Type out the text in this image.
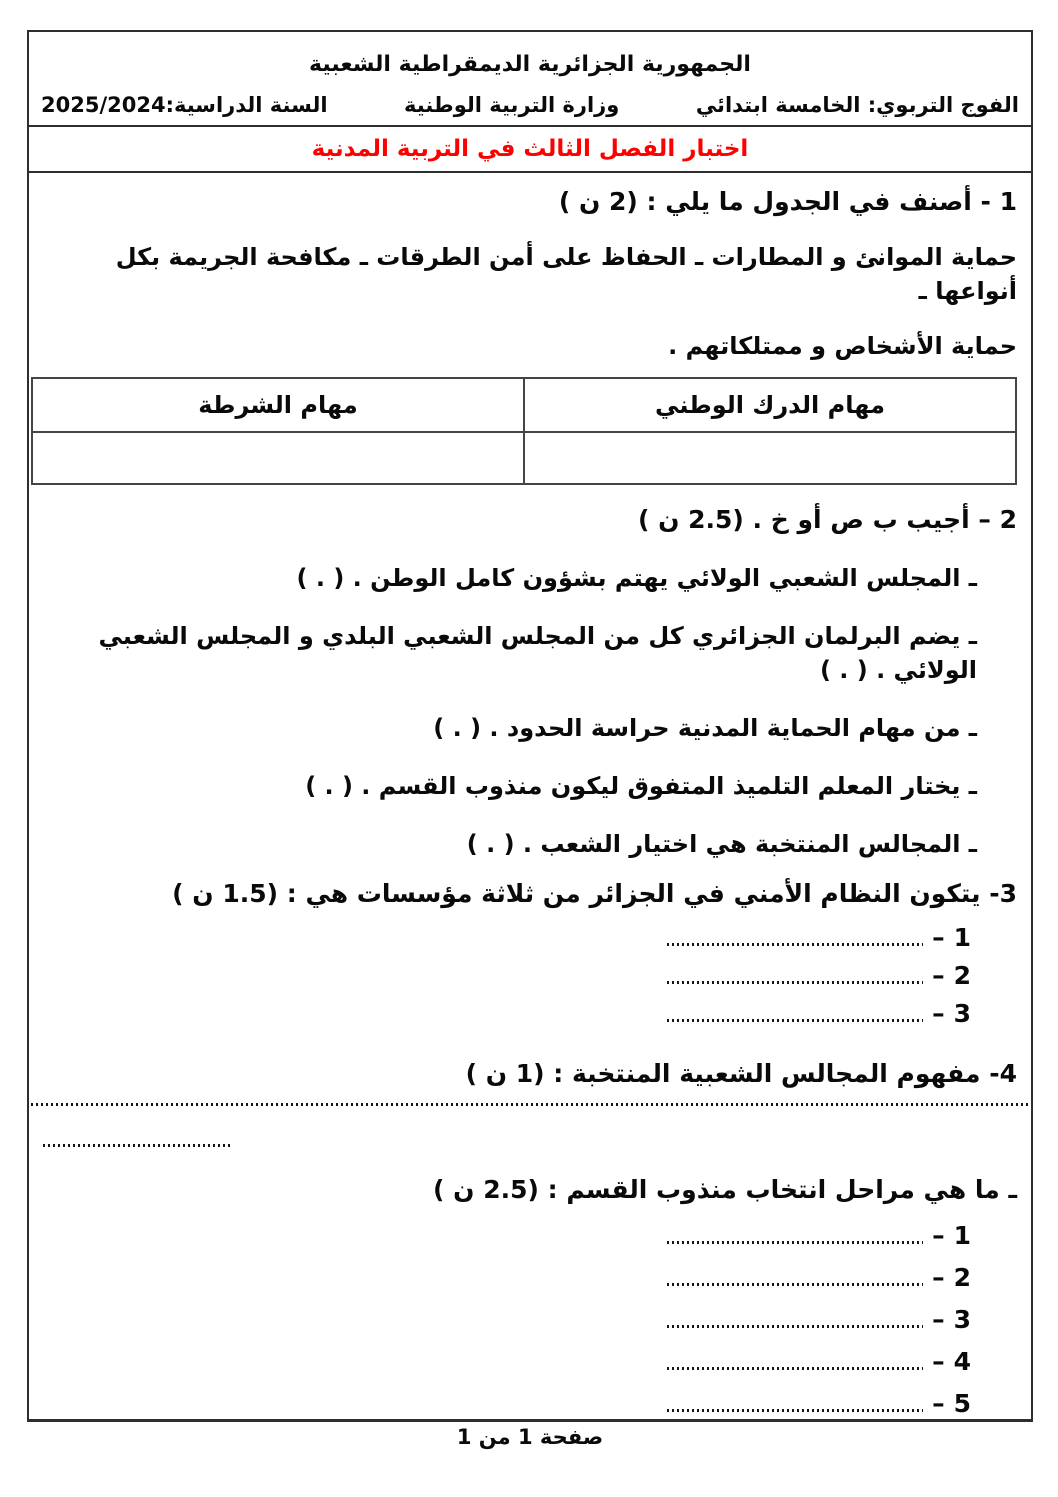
الجمهورية الجزائرية الديمقراطية الشعبية
الفوج التربوي: الخامسة ابتدائي
وزارة التربية الوطنية
السنة الدراسية:2025/2024
اختبار الفصل الثالث في التربية المدنية
1 - أصنف في الجدول ما يلي : (2 ن )
حماية الموانئ و المطارات ـ الحفاظ على أمن الطرقات ـ مكافحة الجريمة بكل أنواعها ـ
حماية الأشخاص و ممتلكاتهم .
مهام الدرك الوطني	مهام الشرطة

2 – أجيب ب ص أو خ . (2.5 ن )
ـ المجلس الشعبي الولائي يهتم بشؤون كامل الوطن . ( . )
ـ يضم البرلمان الجزائري كل من المجلس الشعبي البلدي و المجلس الشعبي الولائي . ( . )
ـ من مهام الحماية المدنية حراسة الحدود . ( . )
ـ يختار المعلم التلميذ المتفوق ليكون منذوب القسم . ( . )
ـ المجالس المنتخبة هي اختيار الشعب . ( . )
3- يتكون النظام الأمني في الجزائر من ثلاثة مؤسسات هي : (1.5 ن )
1
–
2
–
3
–
4- مفهوم المجالس الشعبية المنتخبة : (1 ن )
ـ ما هي مراحل انتخاب منذوب القسم : (2.5 ن )
1
–
2
–
3
–
4
–
5
–
صفحة 1 من 1
